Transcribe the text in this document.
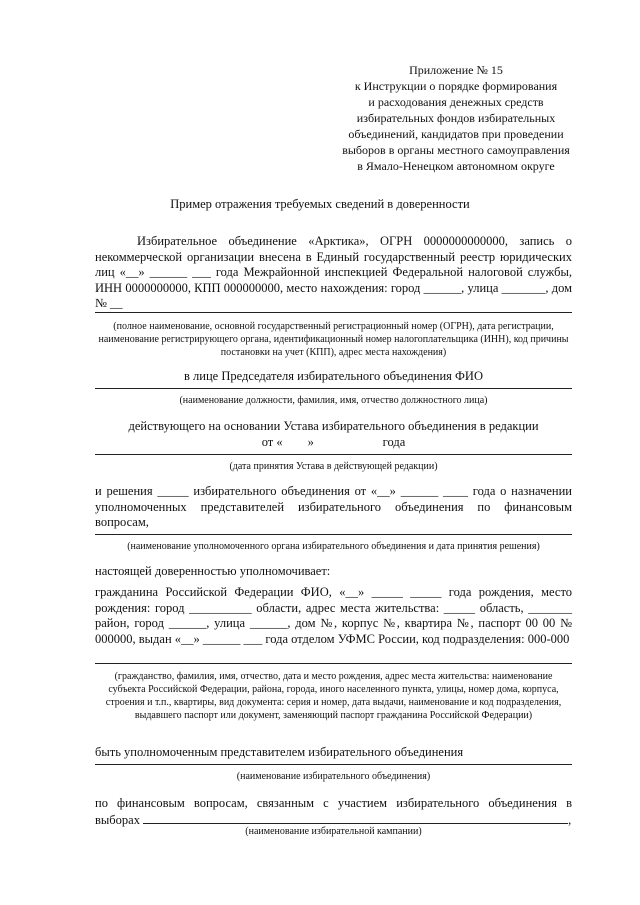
Приложение № 15
к Инструкции о порядке формирования
и расходования денежных средств
избирательных фондов избирательных
объединений, кандидатов при проведении
выборов в органы местного самоуправления
в Ямало-Ненецком автономном округе
Пример отражения требуемых сведений в доверенности
Избирательное объединение «Арктика», ОГРН 0000000000000, запись о некоммерческой организации внесена в Единый государственный реестр юридических лиц «__» ______ ___ года Межрайонной инспекцией Федеральной налоговой службы, ИНН 0000000000, КПП 000000000, место нахождения: город ______, улица _______, дом № __
(полное наименование, основной государственный регистрационный номер (ОГРН), дата регистрации, наименование регистрирующего органа, идентификационный номер налогоплательщика (ИНН), код причины постановки на учет (КПП), адрес места нахождения)
в лице Председателя избирательного объединения ФИО
(наименование должности, фамилия, имя, отчество должностного лица)
действующего на основании Устава избирательного объединения в редакции
от «        »                      года
(дата принятия Устава в действующей редакции)
и решения _____ избирательного объединения от «__» ______ ____ года о назначении уполномоченных представителей избирательного объединения по финансовым вопросам,
(наименование уполномоченного органа избирательного объединения и дата принятия решения)
настоящей доверенностью уполномочивает:
гражданина Российской Федерации ФИО, «__» _____ _____ года рождения, место рождения: город __________ области, адрес места жительства: _____ область, _______ район, город ______, улица ______, дом №, корпус №, квартира №, паспорт 00 00 № 000000, выдан «__» ______ ___ года отделом УФМС России, код подразделения: 000-000
(гражданство, фамилия, имя, отчество, дата и место рождения, адрес места жительства: наименование субъекта Российской Федерации, района, города, иного населенного пункта, улицы, номер дома, корпуса, строения и т.п., квартиры, вид документа: серия и номер, дата выдачи, наименование и код подразделения, выдавшего паспорт или документ, заменяющий паспорт гражданина Российской Федерации)
быть уполномоченным представителем избирательного объединения
(наименование избирательного объединения)
по финансовым вопросам, связанным с участием избирательного объединения в выборах	,
(наименование избирательной кампании)
